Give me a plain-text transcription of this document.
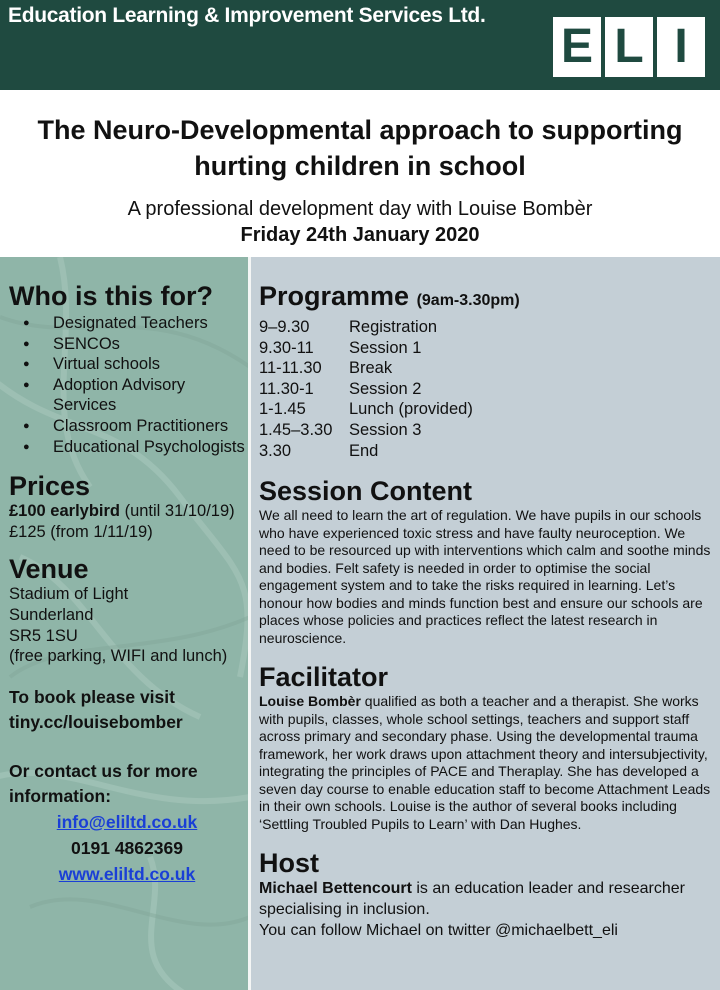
Education Learning & Improvement Services Ltd.
E L I
The Neuro-Developmental approach to supporting hurting children in school
A professional development day with Louise Bombèr
Friday 24th January 2020
Who is this for?
● Designated Teachers
● SENCOs
● Virtual schools
● Adoption Advisory Services
● Classroom Practitioners
● Educational Psychologists
Prices
£100 earlybird (until 31/10/19)
£125 (from 1/11/19)
Venue
Stadium of Light
Sunderland
SR5 1SU
(free parking, WIFI and lunch)
To book please visit
tiny.cc/louisebomber
Or contact us for more
information:
info@eliltd.co.uk
0191 4862369
www.eliltd.co.uk
Programme (9am-3.30pm)
9–9.30	Registration
9.30-11	Session 1
11-11.30	Break
11.30-1	Session 2
1-1.45	Lunch (provided)
1.45–3.30	Session 3
3.30	End
Session Content
We all need to learn the art of regulation. We have pupils in our schools who have experienced toxic stress and have faulty neuroception. We need to be resourced up with interventions which calm and soothe minds and bodies. Felt safety is needed in order to optimise the social engagement system and to take the risks required in learning. Let’s honour how bodies and minds function best and ensure our schools are places whose policies and practices reflect the latest research in neuroscience.
Facilitator
Louise Bombèr qualified as both a teacher and a therapist. She works with pupils, classes, whole school settings, teachers and support staff across primary and secondary phase. Using the developmental trauma framework, her work draws upon attachment theory and intersubjectivity, integrating the principles of PACE and Theraplay. She has developed a seven day course to enable education staff to become Attachment Leads in their own schools. Louise is the author of several books including ‘Settling Troubled Pupils to Learn’ with Dan Hughes.
Host
Michael Bettencourt is an education leader and researcher specialising in inclusion.
You can follow Michael on twitter @michaelbett_eli
